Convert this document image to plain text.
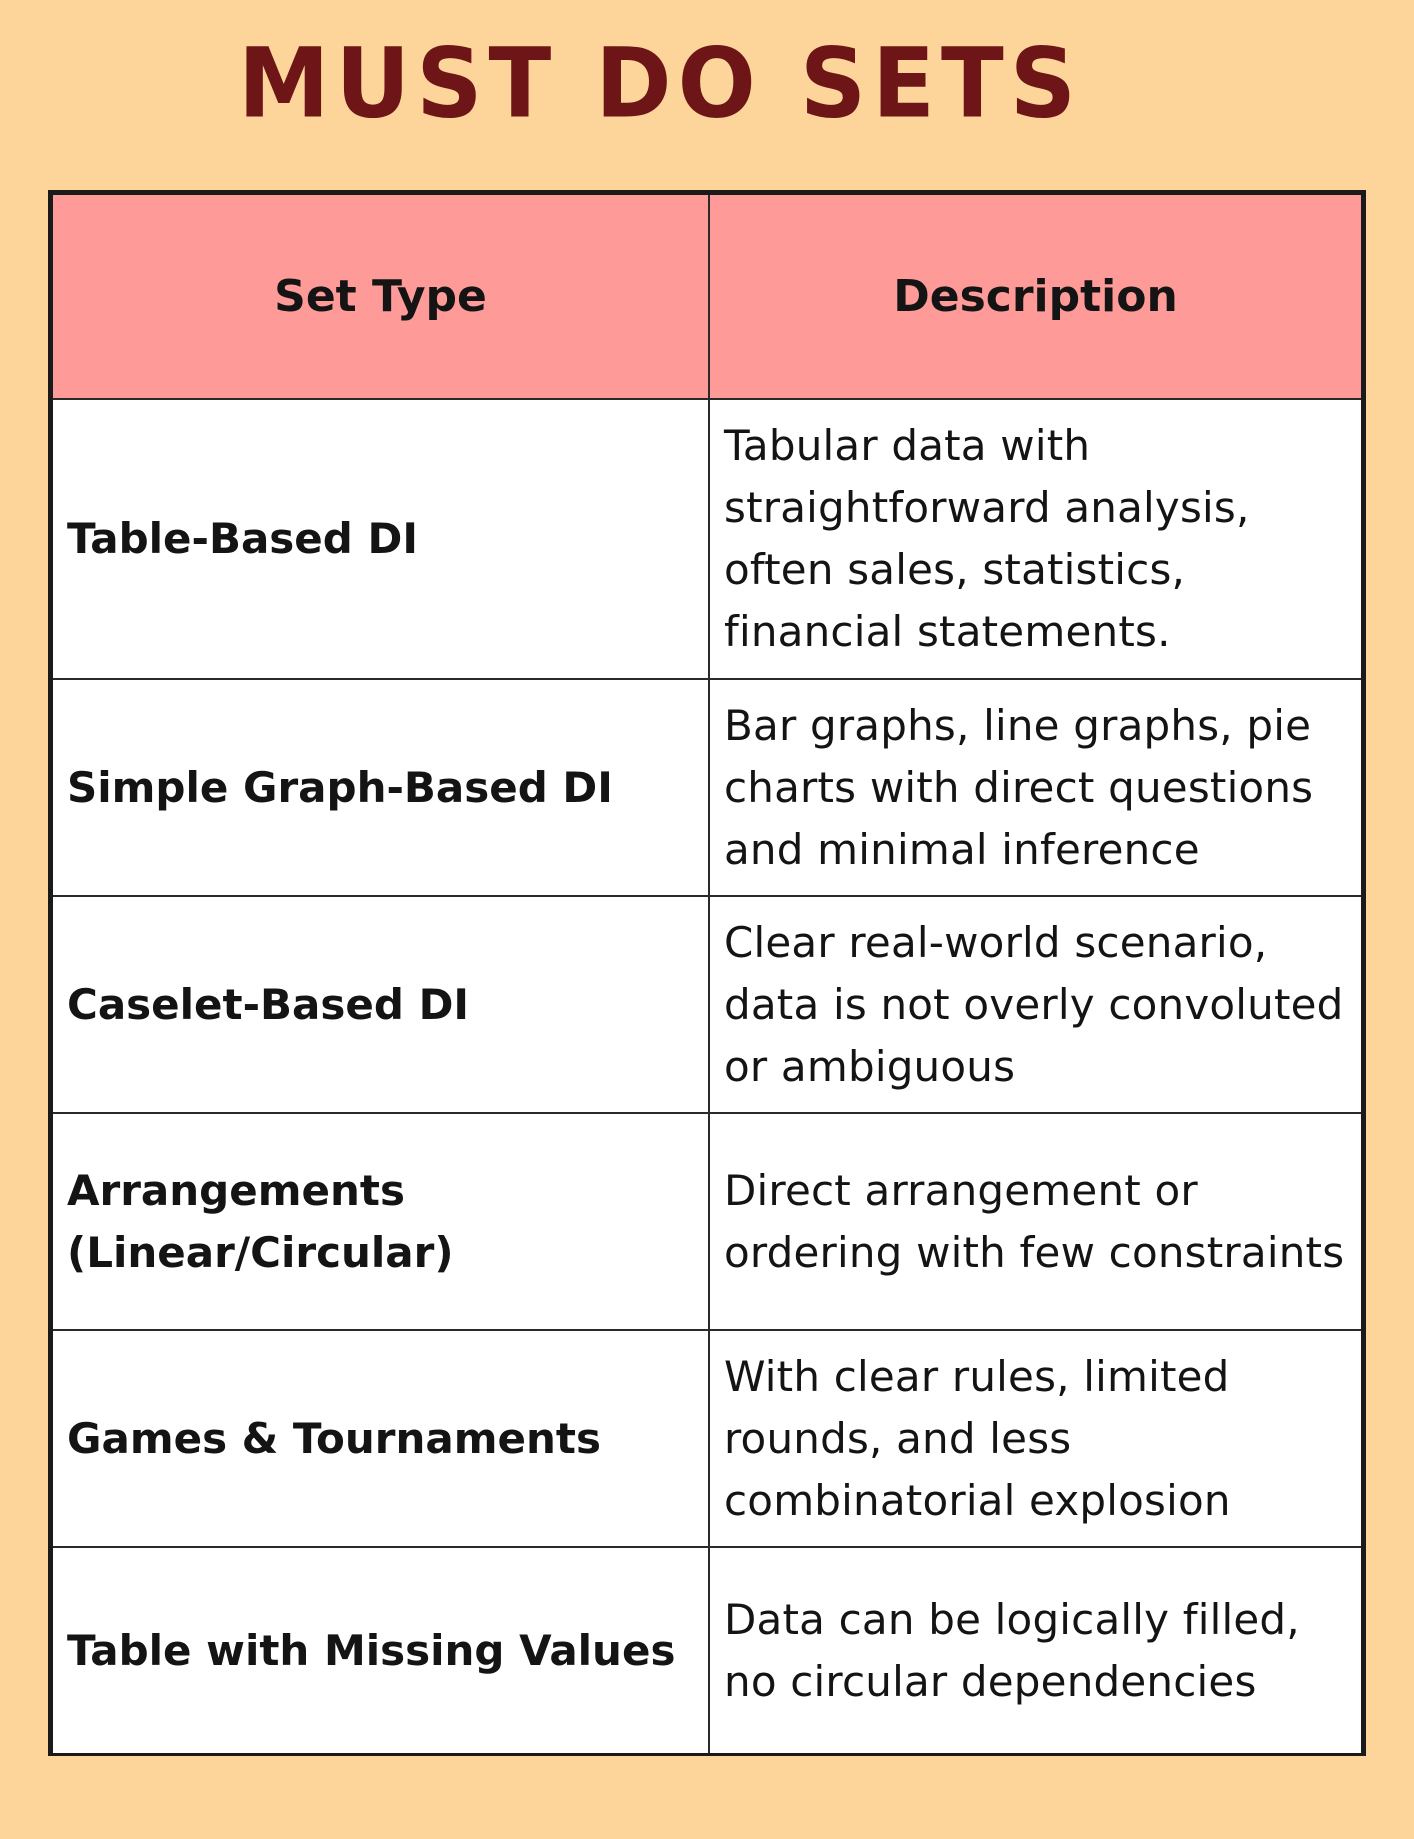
MUST DO SETS
Set Type	Description
Table-Based DI	Tabular data with straightforward analysis, often sales, statistics, financial statements.
Simple Graph-Based DI	Bar graphs, line graphs, pie charts with direct questions and minimal inference
Caselet-Based DI	Clear real-world scenario, data is not overly convoluted or ambiguous
Arrangements (Linear/Circular)	Direct arrangement or ordering with few constraints
Games & Tournaments	With clear rules, limited rounds, and less combinatorial explosion
Table with Missing Values	Data can be logically filled, no circular dependencies
